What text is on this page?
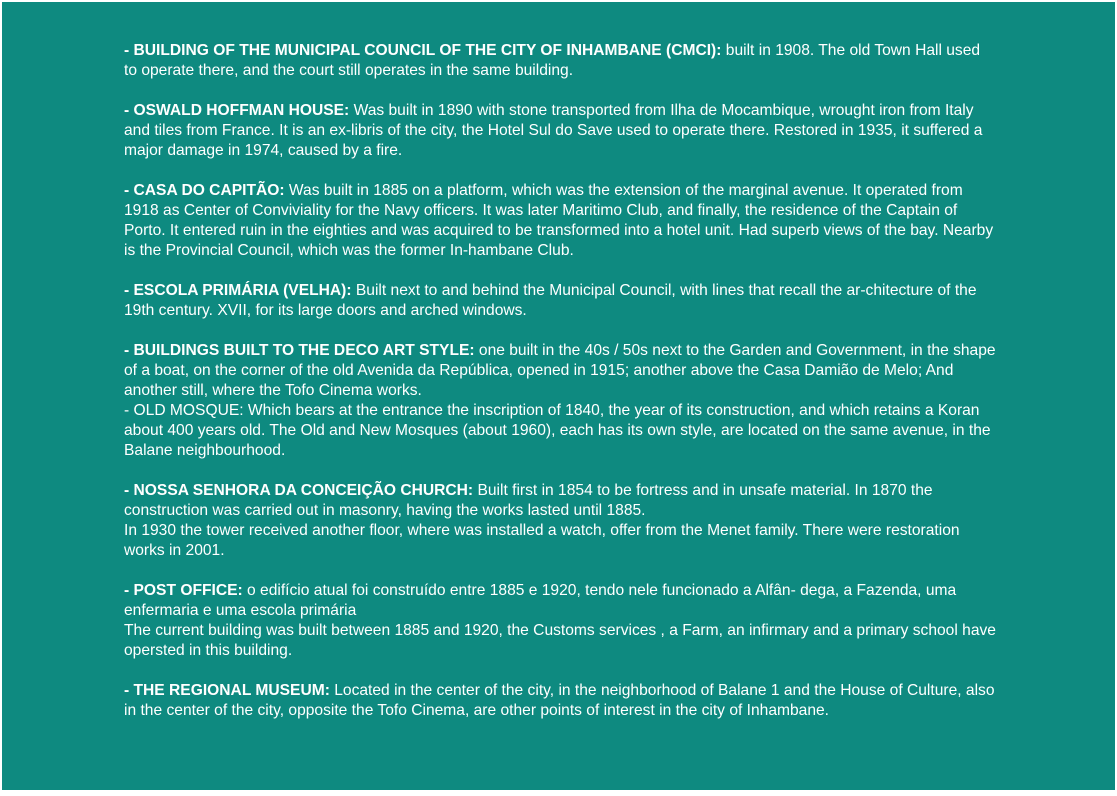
- BUILDING OF THE MUNICIPAL COUNCIL OF THE CITY OF INHAMBANE (CMCI): built in 1908. The old Town Hall used to operate there, and the court still operates in the same building.

- OSWALD HOFFMAN HOUSE: Was built in 1890 with stone transported from Ilha de Mocambique, wrought iron from Italy and tiles from France. It is an ex-libris of the city, the Hotel Sul do Save used to operate there. Restored in 1935, it suffered a major damage in 1974, caused by a fire.

- CASA DO CAPITÃO: Was built in 1885 on a platform, which was the extension of the marginal avenue. It operated from 1918 as Center of Conviviality for the Navy officers. It was later Maritimo Club, and finally, the residence of the Captain of Porto. It entered ruin in the eighties and was acquired to be transformed into a hotel unit. Had superb views of the bay. Nearby is the Provincial Council, which was the former In-hambane Club.

- ESCOLA PRIMÁRIA (VELHA): Built next to and behind the Municipal Council, with lines that recall the ar-chitecture of the 19th century. XVII, for its large doors and arched windows.

- BUILDINGS BUILT TO THE DECO ART STYLE: one built in the 40s / 50s next to the Garden and Government, in the shape of a boat, on the corner of the old Avenida da República, opened in 1915; another above the Casa Damião de Melo; And another still, where the Tofo Cinema works.

- OLD MOSQUE: Which bears at the entrance the inscription of 1840, the year of its construction, and which retains a Koran about 400 years old. The Old and New Mosques (about 1960), each has its own style, are located on the same avenue, in the Balane neighbourhood.

- NOSSA SENHORA DA CONCEIÇÃO CHURCH: Built first in 1854 to be fortress and in unsafe material. In 1870 the construction was carried out in masonry, having the works lasted until 1885.

In 1930 the tower received another floor, where was installed a watch, offer from the Menet family. There were restoration works in 2001.

- POST OFFICE: o edifício atual foi construído entre 1885 e 1920, tendo nele funcionado a Alfân- dega, a Fazenda, uma enfermaria e uma escola primária

The current building was built between 1885 and 1920, the Customs services , a Farm, an infirmary and a primary school have opersted in this building.

- THE REGIONAL MUSEUM: Located in the center of the city, in the neighborhood of Balane 1 and the House of Culture, also in the center of the city, opposite the Tofo Cinema, are other points of interest in the city of Inhambane.
